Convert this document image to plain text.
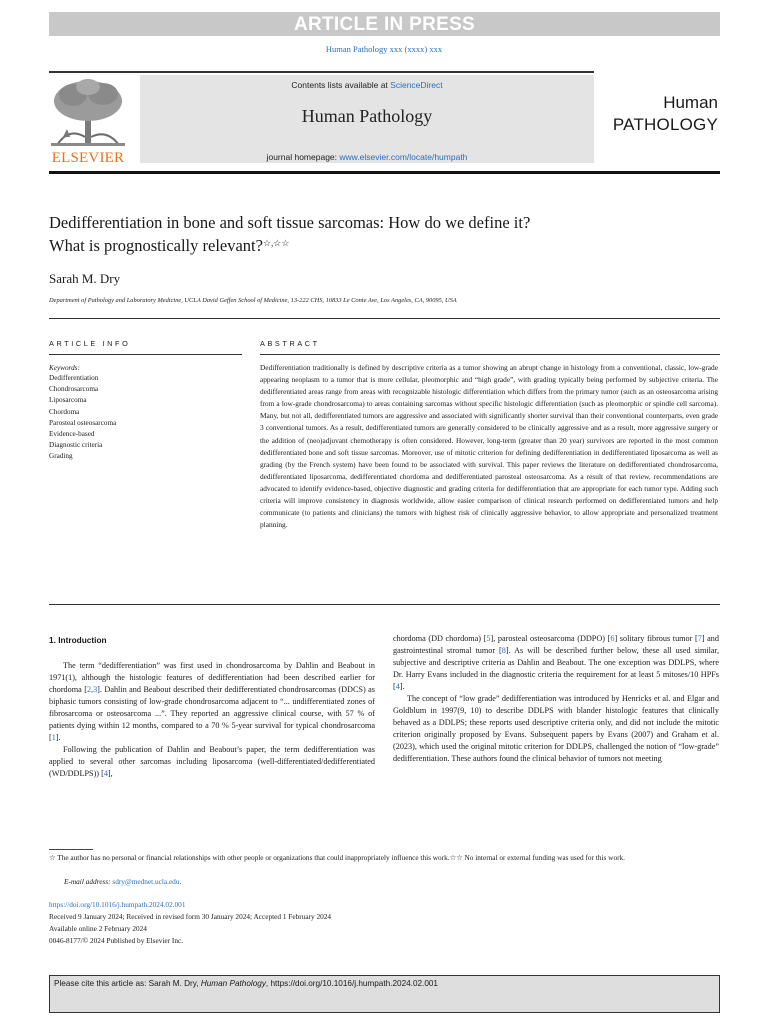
ARTICLE IN PRESS
Human Pathology xxx (xxxx) xxx
ELSEVIER
Contents lists available at ScienceDirect
Human Pathology
journal homepage: www.elsevier.com/locate/humpath
Human
PATHOLOGY
Dedifferentiation in bone and soft tissue sarcomas: How do we define it?
What is prognostically relevant?☆,☆☆
Sarah M. Dry
Department of Pathology and Laboratory Medicine, UCLA David Geffen School of Medicine, 13-222 CHS, 10833 Le Conte Ave, Los Angeles, CA, 90095, USA
ARTICLE INFO
Keywords:
Dedifferentiation
Chondrosarcoma
Liposarcoma
Chordoma
Parosteal osteosarcoma
Evidence-based
Diagnostic criteria
Grading
ABSTRACT
Dedifferentiation traditionally is defined by descriptive criteria as a tumor showing an abrupt change in histology from a conventional, classic, low-grade appearing neoplasm to a tumor that is more cellular, pleomorphic and “high grade”, with grading typically being performed by subjective criteria. The dedifferentiated areas range from areas with recognizable histologic differentiation which differs from the primary tumor (such as an osteosarcoma arising from a low-grade chondrosarcoma) to areas containing sarcomas without specific histologic differentiation (such as pleomorphic or spindle cell sarcoma). Many, but not all, dedifferentiated tumors are aggressive and associated with significantly shorter survival than their conventional counterparts, even grade 3 conventional tumors. As a result, dedifferentiated tumors are generally considered to be clinically aggressive and as a result, more aggressive surgery or the addition of (neo)adjuvant chemotherapy is often considered. However, long-term (greater than 20 year) survivors are reported in the most common dedifferentiated bone and soft tissue sarcomas. Moreover, use of mitotic criterion for defining dedifferentiation in dedifferentiated liposarcoma as well as grading (by the French system) have been found to be associated with survival. This paper reviews the literature on dedifferentiated chondrosarcoma, dedifferentiated liposarcoma, dedifferentiated chordoma and dedifferentiated parosteal osteosarcoma. As a result of that review, recommendations are advocated to identify evidence-based, objective diagnostic and grading criteria for dedifferentiation that are appropriate for each tumor type. Adding such criteria will improve consistency in diagnosis worldwide, allow easier comparison of clinical research performed on dedifferentiated tumors and help communicate (to patients and clinicians) the tumors with highest risk of clinically aggressive behavior, to allow appropriate and personalized treatment planning.
1. Introduction

The term “dedifferentiation” was first used in chondrosarcoma by Dahlin and Beabout in 1971(1), although the histologic features of dedifferentiation had been described earlier for chordoma [2,3]. Dahlin and Beabout described their dedifferentiated chondrosarcomas (DDCS) as biphasic tumors consisting of low-grade chondrosarcoma adjacent to “... undifferentiated zones of fibrosarcoma or osteosarcoma ...”. They reported an aggressive clinical course, with 57 % of patients dying within 12 months, compared to a 70 % 5-year survival for typical chondrosarcoma [1].

Following the publication of Dahlin and Beabout’s paper, the term dedifferentiation was applied to several other sarcomas including liposarcoma (well-differentiated/dedifferentiated (WD/DDLPS)) [4],

chordoma (DD chordoma) [5], parosteal osteosarcoma (DDPO) [6] solitary fibrous tumor [7] and gastrointestinal stromal tumor [8]. As will be described further below, these all used similar, subjective and descriptive criteria as Dahlin and Beabout. The one exception was DDLPS, where Dr. Harry Evans included in the diagnostic criteria the requirement for at least 5 mitoses/10 HPFs [4].

The concept of “low grade” dedifferentiation was introduced by Henricks et al. and Elgar and Goldblum in 1997(9, 10) to describe DDLPS with blander histologic features that clinically behaved as a DDLPS; these reports used descriptive criteria only, and did not include the mitotic criterion originally proposed by Evans. Subsequent papers by Evans (2007) and Graham et al. (2023), which used the original mitotic criterion for DDLPS, challenged the notion of “low-grade” dedifferentiation. These authors found the clinical behavior of tumors not meeting

☆ The author has no personal or financial relationships with other people or organizations that could inappropriately influence this work.☆☆ No internal or external funding was used for this work.
E-mail address: sdry@mednet.ucla.edu.
https://doi.org/10.1016/j.humpath.2024.02.001
Received 9 January 2024; Received in revised form 30 January 2024; Accepted 1 February 2024
Available online 2 February 2024
0046-8177/© 2024 Published by Elsevier Inc.
Please cite this article as: Sarah M. Dry, Human Pathology, https://doi.org/10.1016/j.humpath.2024.02.001
